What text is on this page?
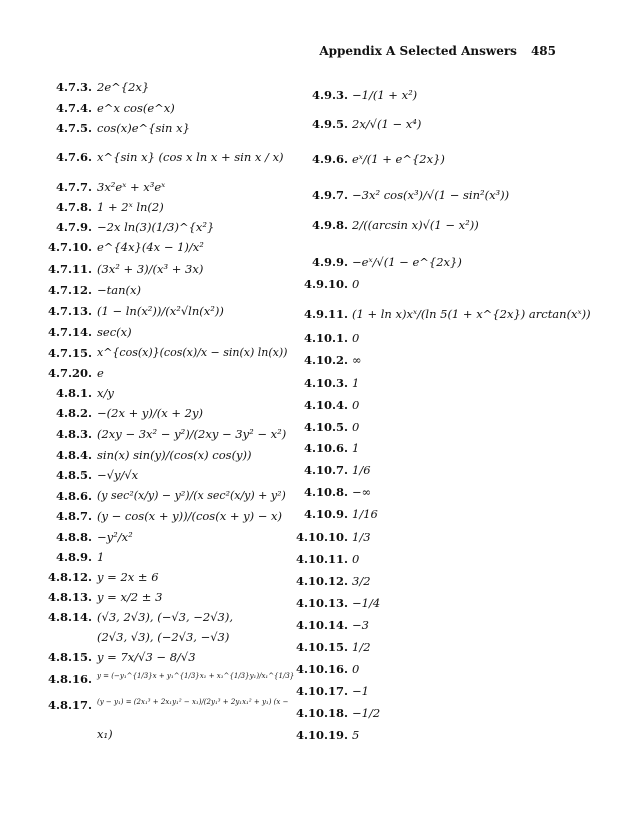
Appendix A Selected Answers 485
4.7.3. 2e^{2x}
4.7.4. e^x cos(e^x)
4.7.5. cos(x)e^{sin x}
4.7.6. x^{sin x} (cos x ln x + sin x / x)
4.7.7. 3x²eˣ + x³eˣ
4.7.8. 1 + 2ˣ ln(2)
4.7.9. −2x ln(3)(1/3)^{x²}
4.7.10. e^{4x}(4x − 1)/x²
4.7.11. (3x² + 3)/(x³ + 3x)
4.7.12. −tan(x)
4.7.13. (1 − ln(x²))/(x²√ln(x²))
4.7.14. sec(x)
4.7.15. x^{cos(x)}(cos(x)/x − sin(x) ln(x))
4.7.20. e
4.8.1. x/y
4.8.2. −(2x + y)/(x + 2y)
4.8.3. (2xy − 3x² − y²)/(2xy − 3y² − x²)
4.8.4. sin(x) sin(y)/(cos(x) cos(y))
4.8.5. −√y/√x
4.8.6. (y sec²(x/y) − y²)/(x sec²(x/y) + y²)
4.8.7. (y − cos(x + y))/(cos(x + y) − x)
4.8.8. −y²/x²
4.8.9. 1
4.8.12. y = 2x ± 6
4.8.13. y = x/2 ± 3
4.8.14. (√3, 2√3), (−√3, −2√3),
(2√3, √3), (−2√3, −√3)
4.8.15. y = 7x/√3 − 8/√3
4.8.16. y = (−y₁^{1/3}x + y₁^{1/3}x₁ + x₁^{1/3}y₁)/x₁^{1/3}
4.8.17. (y − y₁) = (2x₁³ + 2x₁y₁² − x₁)/(2y₁³ + 2y₁x₁² + y₁) (x −
x₁)
4.9.3. −1/(1 + x²)
4.9.5. 2x/√(1 − x⁴)
4.9.6. eˣ/(1 + e^{2x})
4.9.7. −3x² cos(x³)/√(1 − sin²(x³))
4.9.8. 2/((arcsin x)√(1 − x²))
4.9.9. −eˣ/√(1 − e^{2x})
4.9.10. 0
4.9.11. (1 + ln x)xˣ/(ln 5(1 + x^{2x}) arctan(xˣ))
4.10.1. 0
4.10.2. ∞
4.10.3. 1
4.10.4. 0
4.10.5. 0
4.10.6. 1
4.10.7. 1/6
4.10.8. −∞
4.10.9. 1/16
4.10.10. 1/3
4.10.11. 0
4.10.12. 3/2
4.10.13. −1/4
4.10.14. −3
4.10.15. 1/2
4.10.16. 0
4.10.17. −1
4.10.18. −1/2
4.10.19. 5
